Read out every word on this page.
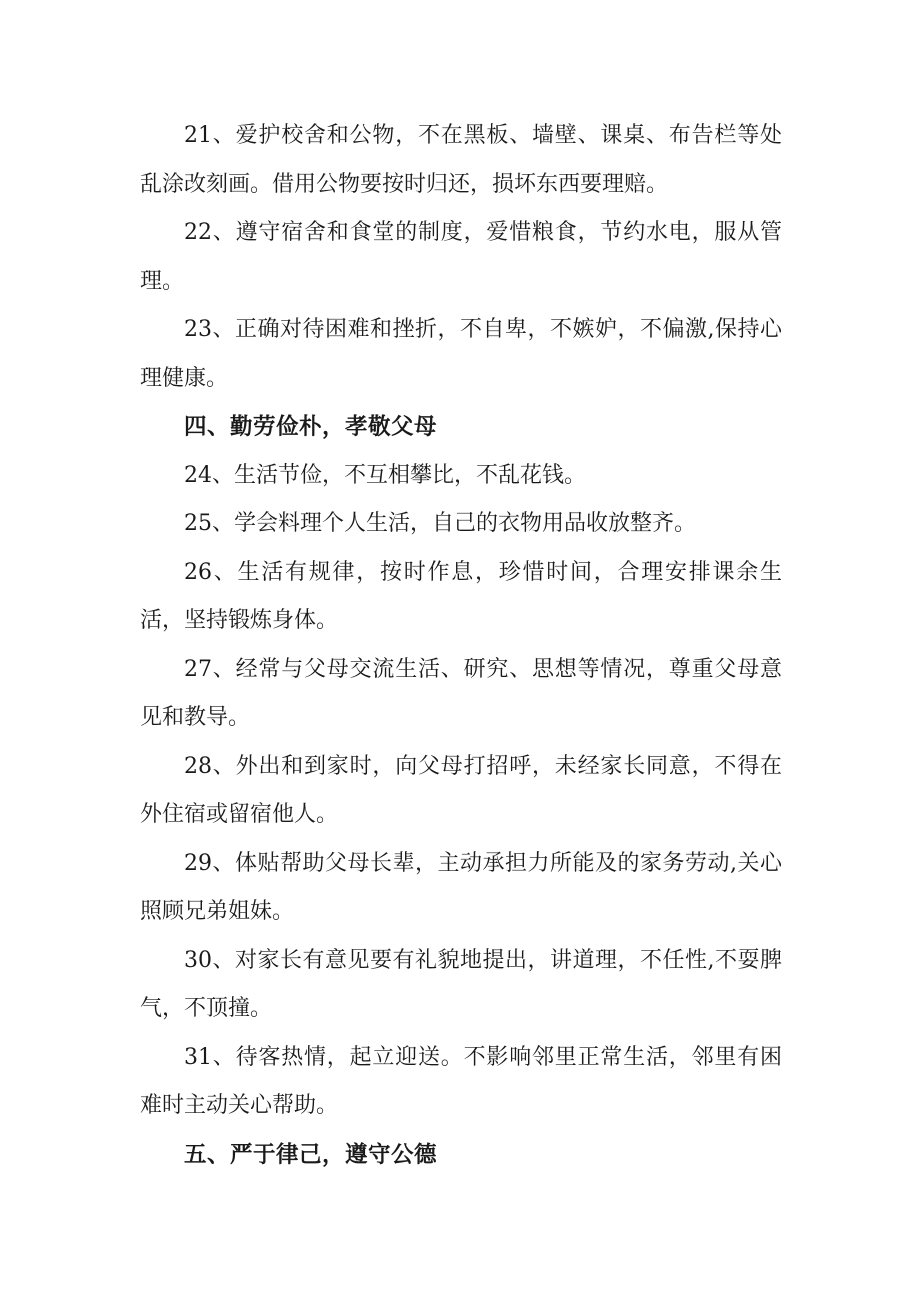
21、爱护校舍和公物，不在黑板、墙壁、课桌、布告栏等处乱涂改刻画。借用公物要按时归还，损坏东西要理赔。

22、遵守宿舍和食堂的制度，爱惜粮食，节约水电，服从管理。

23、正确对待困难和挫折，不自卑，不嫉妒，不偏激,保持心理健康。

四、勤劳俭朴，孝敬父母

24、生活节俭，不互相攀比，不乱花钱。

25、学会料理个人生活，自己的衣物用品收放整齐。

26、生活有规律，按时作息，珍惜时间，合理安排课余生活，坚持锻炼身体。

27、经常与父母交流生活、研究、思想等情况，尊重父母意见和教导。

28、外出和到家时，向父母打招呼，未经家长同意，不得在外住宿或留宿他人。

29、体贴帮助父母长辈，主动承担力所能及的家务劳动,关心照顾兄弟姐妹。

30、对家长有意见要有礼貌地提出，讲道理，不任性,不耍脾气，不顶撞。

31、待客热情，起立迎送。不影响邻里正常生活，邻里有困难时主动关心帮助。

五、严于律己，遵守公德
